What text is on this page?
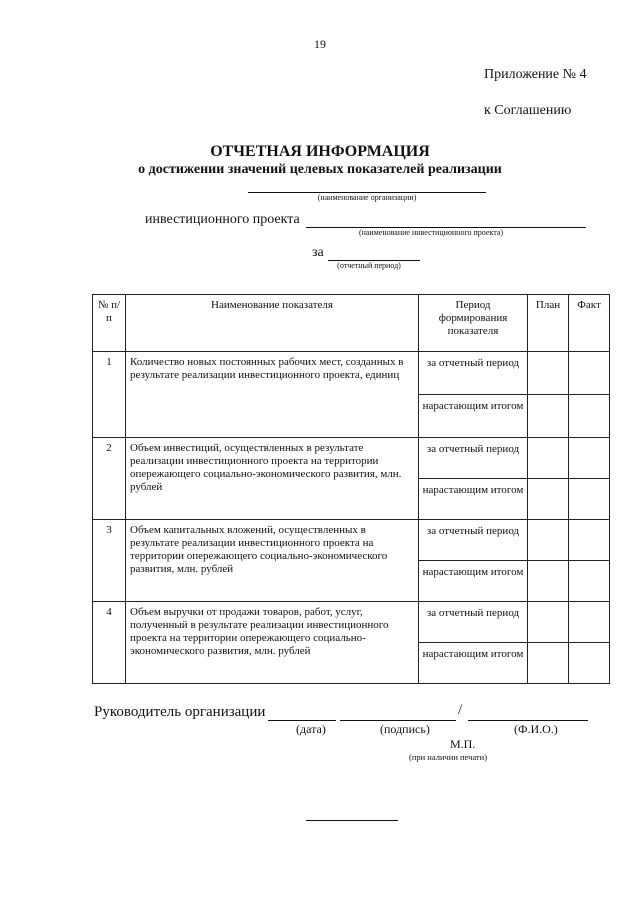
19
Приложение № 4
к Соглашению
ОТЧЕТНАЯ ИНФОРМАЦИЯ
о достижении значений целевых показателей реализации
(наименование организации)
инвестиционного проекта
(наименование инвестиционного проекта)
за
(отчетный период)
№ п/п	Наименование показателя	Период формирования показателя	План	Факт
1	Количество новых постоянных рабочих мест, созданных в результате реализации инвестиционного проекта, единиц	за отчетный период		
		нарастающим итогом		
2	Объем инвестиций, осуществленных в результате реализации инвестиционного проекта на территории опережающего социально-экономического развития, млн. рублей	за отчетный период		
		нарастающим итогом		
3	Объем капитальных вложений, осуществленных в результате реализации инвестиционного проекта на территории опережающего социально-экономического развития, млн. рублей	за отчетный период		
		нарастающим итогом		
4	Объем выручки от продажи товаров, работ, услуг, полученный в результате реализации инвестиционного проекта на территории опережающего социально-экономического развития, млн. рублей	за отчетный период		
		нарастающим итогом		
Руководитель организации	/
(дата)	(подпись)	(Ф.И.О.)
М.П.
(при наличии печати)
